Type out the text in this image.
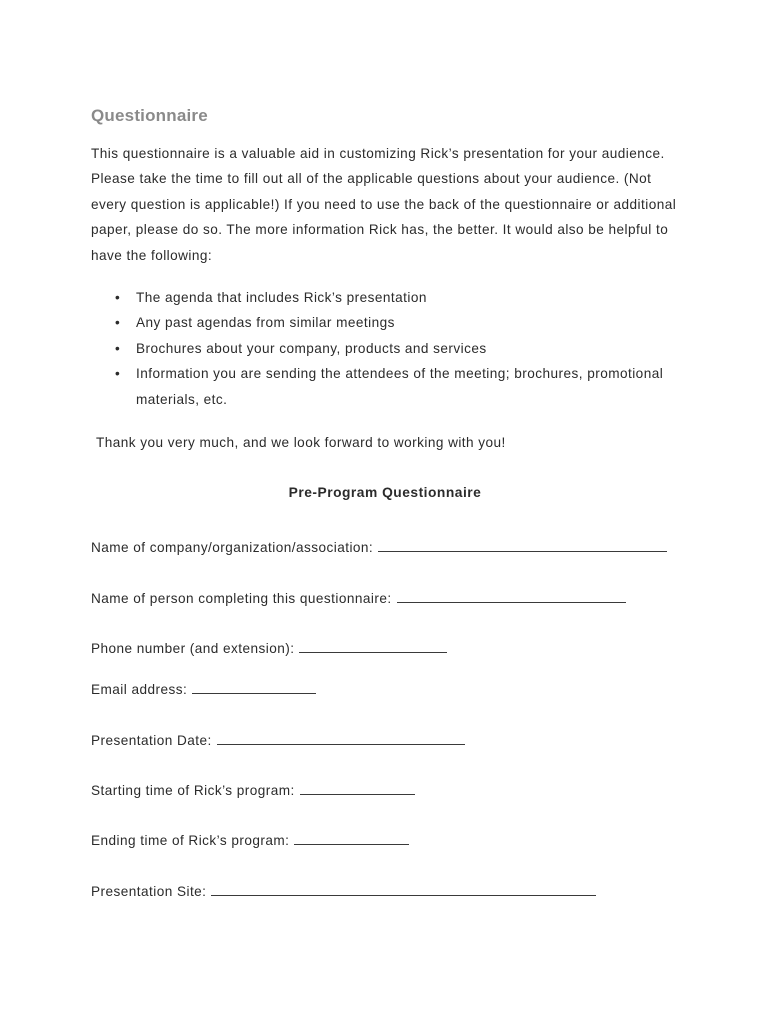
Questionnaire
This questionnaire is a valuable aid in customizing Rick’s presentation for your audience. Please take the time to fill out all of the applicable questions about your audience. (Not every question is applicable!) If you need to use the back of the questionnaire or additional paper, please do so. The more information Rick has, the better. It would also be helpful to have the following:
• The agenda that includes Rick’s presentation
• Any past agendas from similar meetings
• Brochures about your company, products and services
• Information you are sending the attendees of the meeting; brochures, promotional materials, etc.
Thank you very much, and we look forward to working with you!
Pre-Program Questionnaire
Name of company/organization/association:
Name of person completing this questionnaire:
Phone number (and extension):
Email address:
Presentation Date:
Starting time of Rick’s program:
Ending time of Rick’s program:
Presentation Site:
